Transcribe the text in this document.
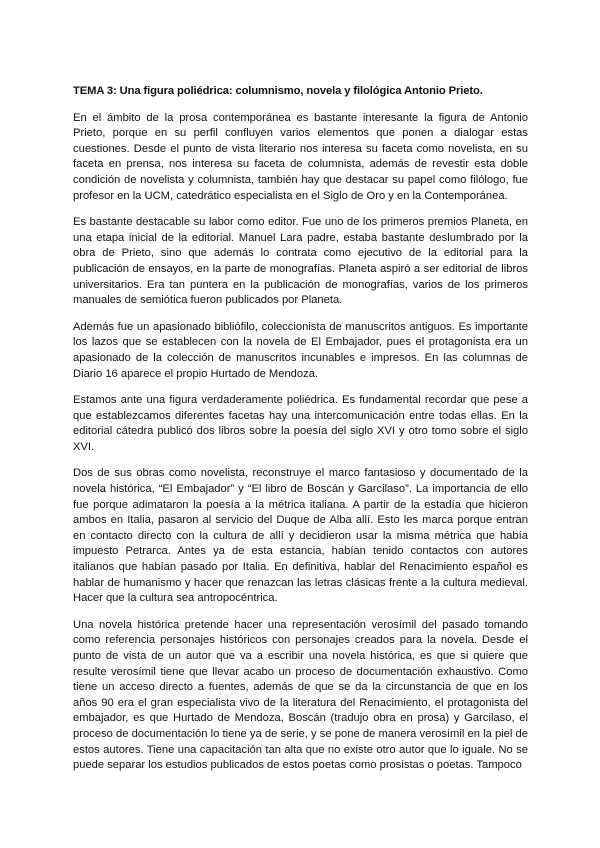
TEMA 3: Una figura poliédrica: columnismo, novela y filológica Antonio Prieto.

En el ámbito de la prosa contemporánea es bastante interesante la figura de Antonio Prieto, porque en su perfil confluyen varios elementos que ponen a dialogar estas cuestiones. Desde el punto de vista literario nos interesa su faceta como novelista, en su faceta en prensa, nos interesa su faceta de columnista, además de revestir esta doble condición de novelista y columnista, también hay que destacar su papel como filólogo, fue profesor en la UCM, catedrático especialista en el Siglo de Oro y en la Contemporánea.

Es bastante destacable su labor como editor. Fue uno de los primeros premios Planeta, en una etapa inicial de la editorial. Manuel Lara padre, estaba bastante deslumbrado por la obra de Prieto, sino que además lo contrata como ejecutivo de la editorial para la publicación de ensayos, en la parte de monografías. Planeta aspiró a ser editorial de libros universitarios. Era tan puntera en la publicación de monografías, varios de los primeros manuales de semiótica fueron publicados por Planeta.

Además fue un apasionado bibliófilo, coleccionista de manuscritos antiguos. Es importante los lazos que se establecen con la novela de El Embajador, pues el protagonista era un apasionado de la colección de manuscritos incunables e impresos. En las columnas de Diario 16 aparece el propio Hurtado de Mendoza.

Estamos ante una figura verdaderamente poliédrica. Es fundamental recordar que pese a que establezcamos diferentes facetas hay una intercomunicación entre todas ellas. En la editorial cátedra publicó dos libros sobre la poesía del siglo XVI y otro tomo sobre el siglo XVI.

Dos de sus obras como novelista, reconstruye el marco fantasioso y documentado de la novela histórica, “El Embajador” y “El libro de Boscán y Garcilaso”. La importancia de ello fue porque adimataron la poesía a la métrica italiana. A partir de la estadía que hicieron ambos en Italia, pasaron al servicio del Duque de Alba allí. Esto les marca porque entran en contacto directo con la cultura de allí y decidieron usar la misma métrica que había impuesto Petrarca. Antes ya de esta estancia, habían tenido contactos con autores italianos que habían pasado por Italia. En definitiva, hablar del Renacimiento español es hablar de humanismo y hacer que renazcan las letras clásicas frente a la cultura medieval. Hacer que la cultura sea antropocéntrica.

Una novela histórica pretende hacer una representación verosímil del pasado tomando como referencia personajes históricos con personajes creados para la novela. Desde el punto de vista de un autor que va a escribir una novela histórica, es que si quiere que resulte verosímil tiene que llevar acabo un proceso de documentación exhaustivo. Como tiene un acceso directo a fuentes, además de que se da la circunstancia de que en los años 90 era el gran especialista vivo de la literatura del Renacimiento, el protagonista del embajador, es que Hurtado de Mendoza, Boscán (tradujo obra en prosa) y Garcilaso, el proceso de documentación lo tiene ya de serie, y se pone de manera verosímil en la piel de estos autores. Tiene una capacitación tan alta que no existe otro autor que lo iguale. No se puede separar los estudios publicados de estos poetas como prosistas o poetas. Tampoco
